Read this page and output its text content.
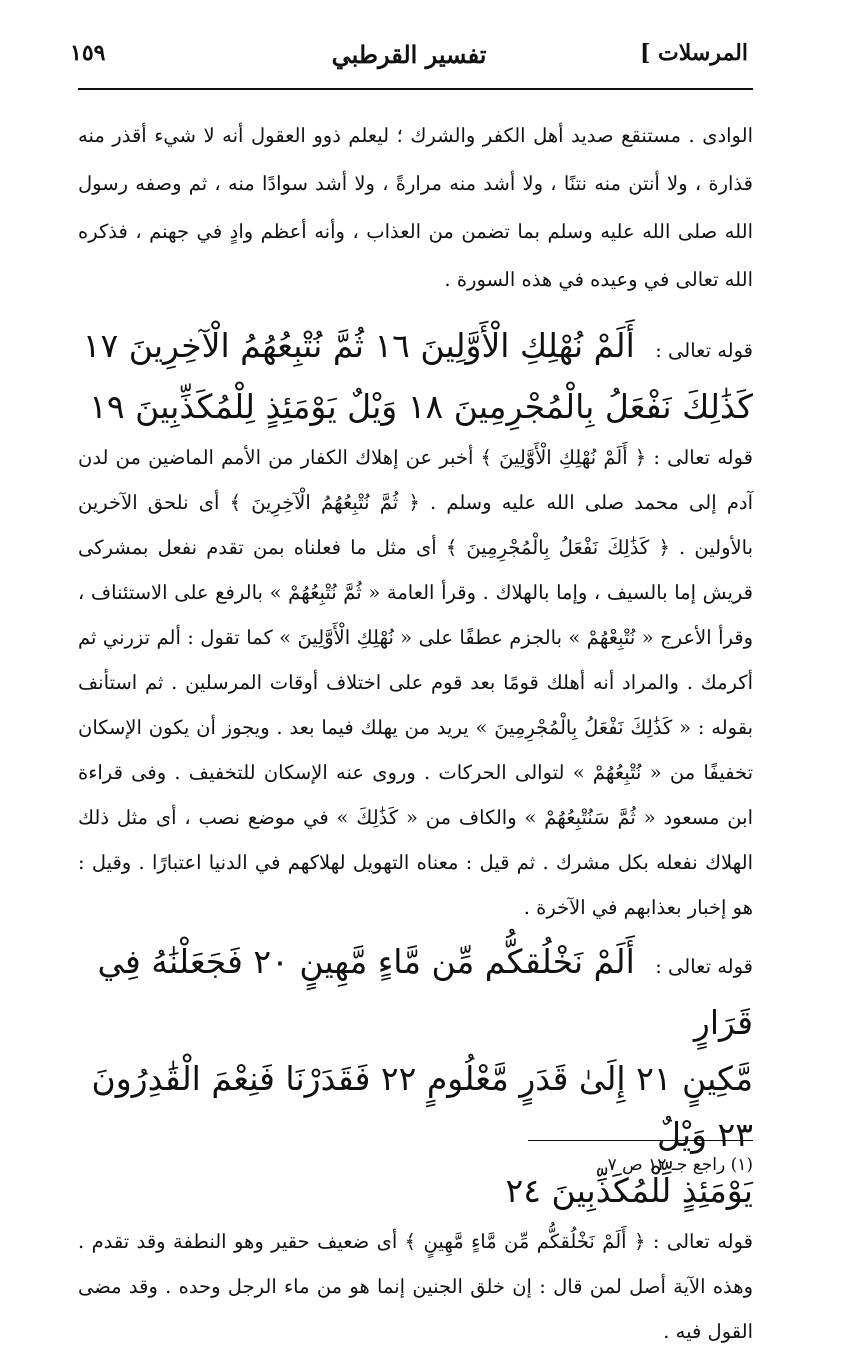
المرسلات ]
تفسير القرطبي
١٥٩

الوادى . مستنقع صديد أهل الكفر والشرك ؛ ليعلم ذوو العقول أنه لا شيء أقذر منه قذارة ، ولا أنتن منه نتنًا ، ولا أشد منه مرارةً ، ولا أشد سوادًا منه ، ثم وصفه رسول الله صلى الله عليه وسلم بما تضمن من العذاب ، وأنه أعظم وادٍ في جهنم ، فذكره الله تعالى في وعيده في هذه السورة .

قوله تعالى : أَلَمْ نُهْلِكِ الْأَوَّلِينَ ١٦ ثُمَّ نُتْبِعُهُمُ الْآخِرِينَ ١٧

كَذَٰلِكَ نَفْعَلُ بِالْمُجْرِمِينَ ١٨ وَيْلٌ يَوْمَئِذٍ لِلْمُكَذِّبِينَ ١٩

قوله تعالى : ﴿ أَلَمْ نُهْلِكِ الْأَوَّلِينَ ﴾ أخبر عن إهلاك الكفار من الأمم الماضين من لدن آدم إلى محمد صلى الله عليه وسلم . ﴿ ثُمَّ نُتْبِعُهُمُ الْآخِرِينَ ﴾ أى نلحق الآخرين بالأولين . ﴿ كَذَٰلِكَ نَفْعَلُ بِالْمُجْرِمِينَ ﴾ أى مثل ما فعلناه بمن تقدم نفعل بمشركى قريش إما بالسيف ، وإما بالهلاك . وقرأ العامة « ثُمَّ نُتْبِعُهُمْ » بالرفع على الاستئناف ، وقرأ الأعرج « نُتْبِعْهُمْ » بالجزم عطفًا على « نُهْلِكِ الْأَوَّلِينَ » كما تقول : ألم تزرني ثم أكرمك . والمراد أنه أهلك قومًا بعد قوم على اختلاف أوقات المرسلين . ثم استأنف بقوله : « كَذَٰلِكَ نَفْعَلُ بِالْمُجْرِمِينَ » يريد من يهلك فيما بعد . ويجوز أن يكون الإسكان تخفيفًا من « نُتْبِعُهُمْ » لتوالى الحركات . وروى عنه الإسكان للتخفيف . وفى قراءة ابن مسعود « ثُمَّ سَنُتْبِعُهُمْ » والكاف من « كَذَٰلِكَ » في موضع نصب ، أى مثل ذلك الهلاك نفعله بكل مشرك . ثم قيل : معناه التهويل لهلاكهم في الدنيا اعتبارًا . وقيل : هو إخبار بعذابهم في الآخرة .

قوله تعالى : أَلَمْ نَخْلُقكُّم مِّن مَّاءٍ مَّهِينٍ ٢٠ فَجَعَلْنَٰهُ فِي قَرَارٍ

مَّكِينٍ ٢١ إِلَىٰ قَدَرٍ مَّعْلُومٍ ٢٢ فَقَدَرْنَا فَنِعْمَ الْقَٰدِرُونَ ٢٣ وَيْلٌ

يَوْمَئِذٍ لِّلْمُكَذِّبِينَ ٢٤

قوله تعالى : ﴿ أَلَمْ نَخْلُقكُّم مِّن مَّاءٍ مَّهِينٍ ﴾ أى ضعيف حقير وهو النطفة وقد تقدم . وهذه الآية أصل لمن قال : إن خلق الجنين إنما هو من ماء الرجل وحده . وقد مضى القول فيه .

(١) راجع جـ ١٢ ص ٧ .
